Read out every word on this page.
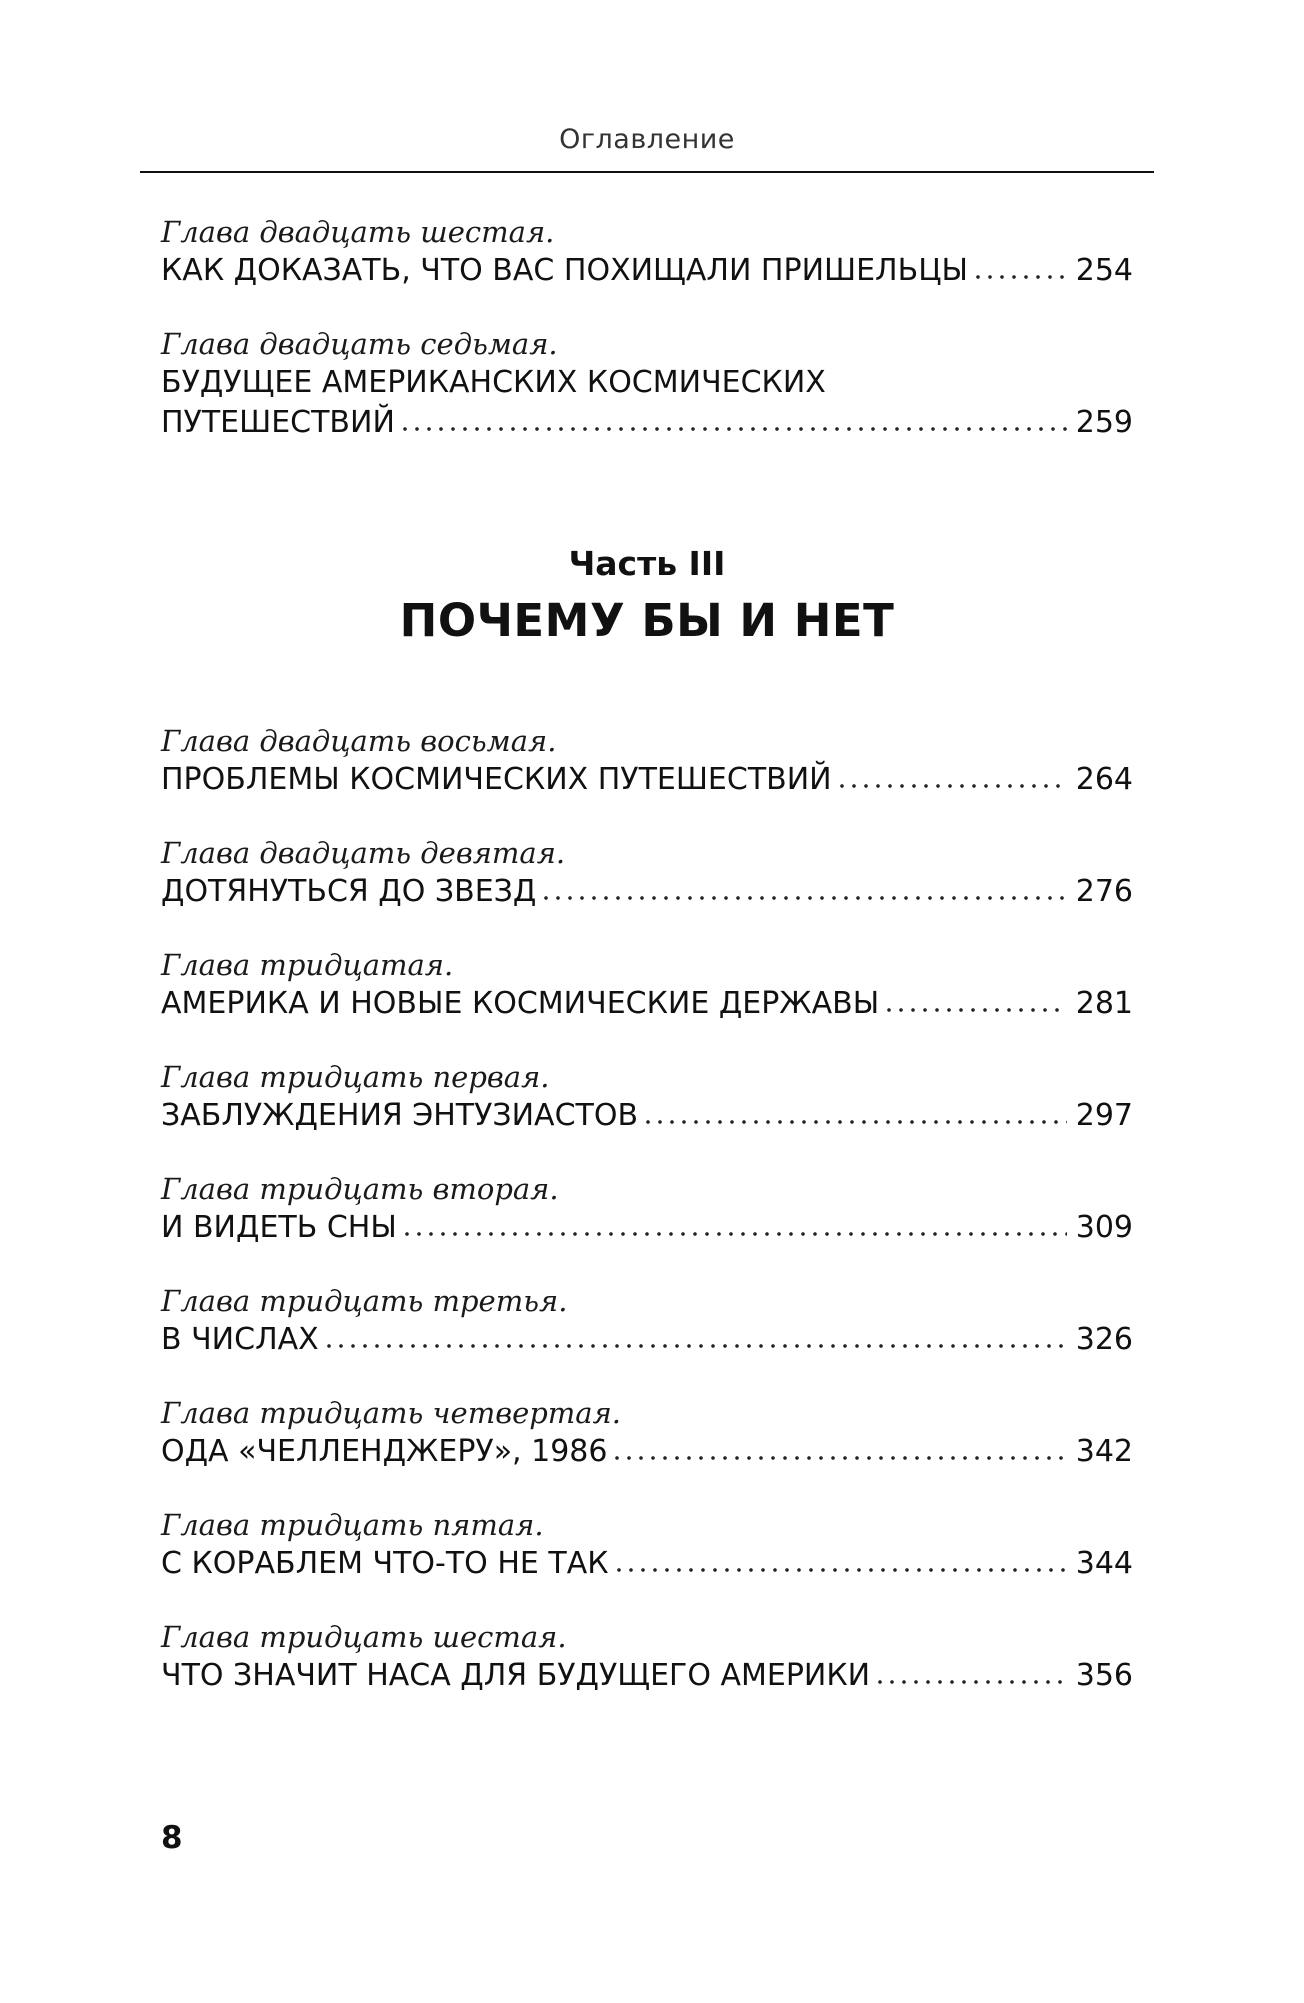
Оглавление
Глава двадцать шестая.
КАК ДОКАЗАТЬ, ЧТО ВАС ПОХИЩАЛИ ПРИШЕЛЬЦЫ	254
Глава двадцать седьмая.
БУДУЩЕЕ АМЕРИКАНСКИХ КОСМИЧЕСКИХ
ПУТЕШЕСТВИЙ	259
Часть III
ПОЧЕМУ БЫ И НЕТ
Глава двадцать восьмая.
ПРОБЛЕМЫ КОСМИЧЕСКИХ ПУТЕШЕСТВИЙ	264
Глава двадцать девятая.
ДОТЯНУТЬСЯ ДО ЗВЕЗД	276
Глава тридцатая.
АМЕРИКА И НОВЫЕ КОСМИЧЕСКИЕ ДЕРЖАВЫ	281
Глава тридцать первая.
ЗАБЛУЖДЕНИЯ ЭНТУЗИАСТОВ	297
Глава тридцать вторая.
И ВИДЕТЬ СНЫ	309
Глава тридцать третья.
В ЧИСЛАХ	326
Глава тридцать четвертая.
ОДА «ЧЕЛЛЕНДЖЕРУ», 1986	342
Глава тридцать пятая.
С КОРАБЛЕМ ЧТО-ТО НЕ ТАК	344
Глава тридцать шестая.
ЧТО ЗНАЧИТ НАСА ДЛЯ БУДУЩЕГО АМЕРИКИ	356
8
